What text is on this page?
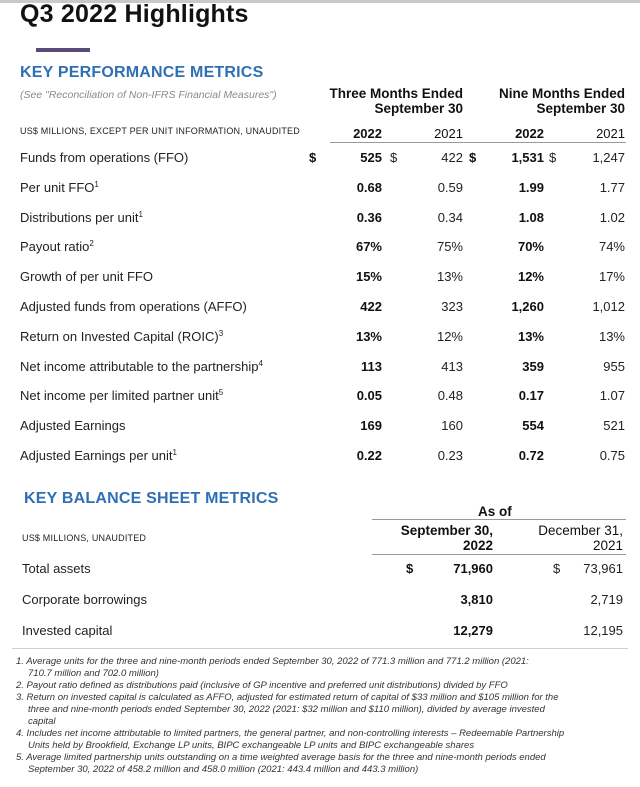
Q3 2022 Highlights
KEY PERFORMANCE METRICS
(See "Reconciliation of Non-IFRS Financial Measures")	Three Months Ended
September 30
Nine Months Ended
September 30
US$ MILLIONS, EXCEPT PER UNIT INFORMATION, UNAUDITED	2022	2021	2022	2021
Funds from operations (FFO)	525	422	1,531	1,247
$	$	$	$
Per unit FFO$^1$	0.68	0.59	1.99	1.77
Distributions per unit$^1$	0.36	0.34	1.08	1.02
Payout ratio$^2$	67%	75%	70%	74%
Growth of per unit FFO	15%	13%	12%	17%
Adjusted funds from operations (AFFO)	422	323	1,260	1,012
Return on Invested Capital (ROIC)$^3$	13%	12%	13%	13%
Net income attributable to the partnership$^4$	113	413	359	955
Net income per limited partner unit$^5$	0.05	0.48	0.17	1.07
Adjusted Earnings	169	160	554	521
Adjusted Earnings per unit$^1$	0.22	0.23	0.72	0.75
KEY BALANCE SHEET METRICS
As of
September 30,
2022
December 31,
2021
US$ MILLIONS, UNAUDITED
Total assets	71,960	73,961
$	$
Corporate borrowings	3,810	2,719
Invested capital	12,279	12,195
1. Average units for the three and nine-month periods ended September 30, 2022 of 771.3 million and 771.2 million (2021:
710.7 million and 702.0 million)
2. Payout ratio defined as distributions paid (inclusive of GP incentive and preferred unit distributions) divided by FFO
3. Return on invested capital is calculated as AFFO, adjusted for estimated return of capital of $33 million and $105 million for the
three and nine-month periods ended September 30, 2022 (2021: $32 million and $110 million), divided by average invested
capital
4. Includes net income attributable to limited partners, the general partner, and non-controlling interests – Redeemable Partnership
Units held by Brookfield, Exchange LP units, BIPC exchangeable LP units and BIPC exchangeable shares
5. Average limited partnership units outstanding on a time weighted average basis for the three and nine-month periods ended
September 30, 2022 of 458.2 million and 458.0 million (2021: 443.4 million and 443.3 million)
